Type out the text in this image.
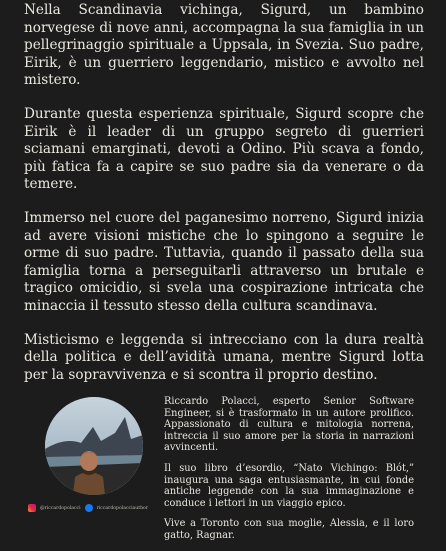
Nella Scandinavia vichinga, Sigurd, un bambino norvegese di nove anni, accompagna la sua famiglia in un pellegrinaggio spirituale a Uppsala, in Svezia. Suo padre, Eirik, è un guerriero leggendario, mistico e avvolto nel mistero.

Durante questa esperienza spirituale, Sigurd scopre che Eirik è il leader di un gruppo segreto di guerrieri sciamani emarginati, devoti a Odino. Più scava a fondo, più fatica fa a capire se suo padre sia da venerare o da temere.

Immerso nel cuore del paganesimo norreno, Sigurd inizia ad avere visioni mistiche che lo spingono a seguire le orme di suo padre. Tuttavia, quando il passato della sua famiglia torna a perseguitarli attraverso un brutale e tragico omicidio, si svela una cospirazione intricata che minaccia il tessuto stesso della cultura scandinava.

Misticismo e leggenda si intrecciano con la dura realtà della politica e dell’avidità umana, mentre Sigurd lotta per la sopravvivenza e si scontra il proprio destino.

@riccardopolacci	riccardopolacciauthor

Riccardo Polacci, esperto Senior Software Engineer, si è trasformato in un autore prolifico. Appassionato di cultura e mitologia norrena, intreccia il suo amore per la storia in narrazioni avvincenti.

Il suo libro d’esordio, “Nato Vichingo: Blót,” inaugura una saga entusiasmante, in cui fonde antiche leggende con la sua immaginazione e conduce i lettori in un viaggio epico.

Vive a Toronto con sua moglie, Alessia, e il loro gatto, Ragnar.
